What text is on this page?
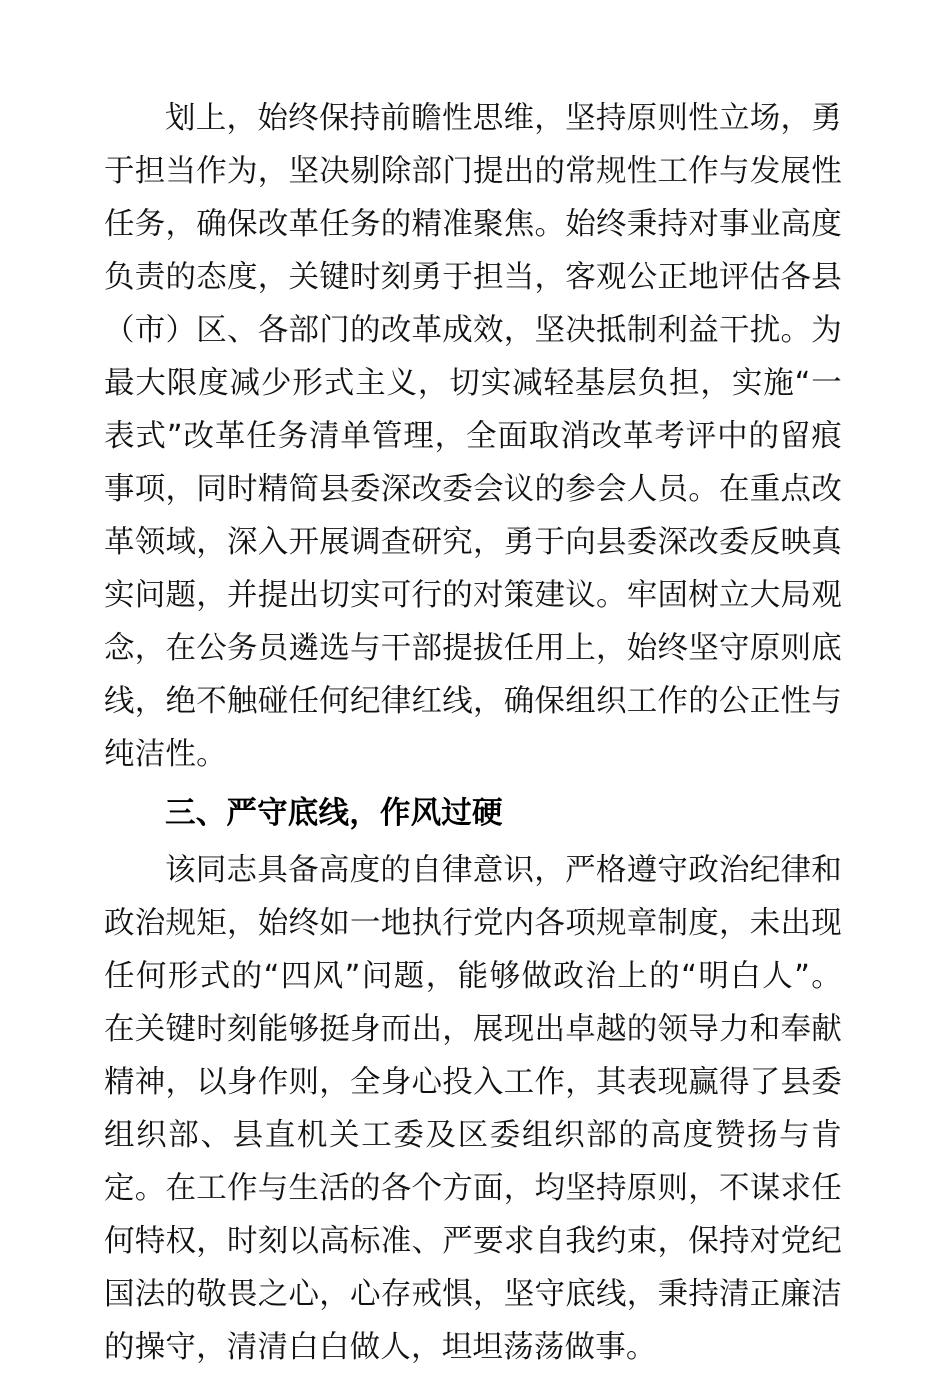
划上，始终保持前瞻性思维，坚持原则性立场，勇于担当作为，坚决剔除部门提出的常规性工作与发展性任务，确保改革任务的精准聚焦。始终秉持对事业高度负责的态度，关键时刻勇于担当，客观公正地评估各县（市）区、各部门的改革成效，坚决抵制利益干扰。为最大限度减少形式主义，切实减轻基层负担，实施“一表式”改革任务清单管理，全面取消改革考评中的留痕事项，同时精简县委深改委会议的参会人员。在重点改革领域，深入开展调查研究，勇于向县委深改委反映真实问题，并提出切实可行的对策建议。牢固树立大局观念，在公务员遴选与干部提拔任用上，始终坚守原则底线，绝不触碰任何纪律红线，确保组织工作的公正性与纯洁性。

三、严守底线，作风过硬

该同志具备高度的自律意识，严格遵守政治纪律和政治规矩，始终如一地执行党内各项规章制度，未出现任何形式的“四风”问题，能够做政治上的“明白人”。在关键时刻能够挺身而出，展现出卓越的领导力和奉献精神，以身作则，全身心投入工作，其表现赢得了县委组织部、县直机关工委及区委组织部的高度赞扬与肯定。在工作与生活的各个方面，均坚持原则，不谋求任何特权，时刻以高标准、严要求自我约束，保持对党纪国法的敬畏之心，心存戒惧，坚守底线，秉持清正廉洁的操守，清清白白做人，坦坦荡荡做事。
